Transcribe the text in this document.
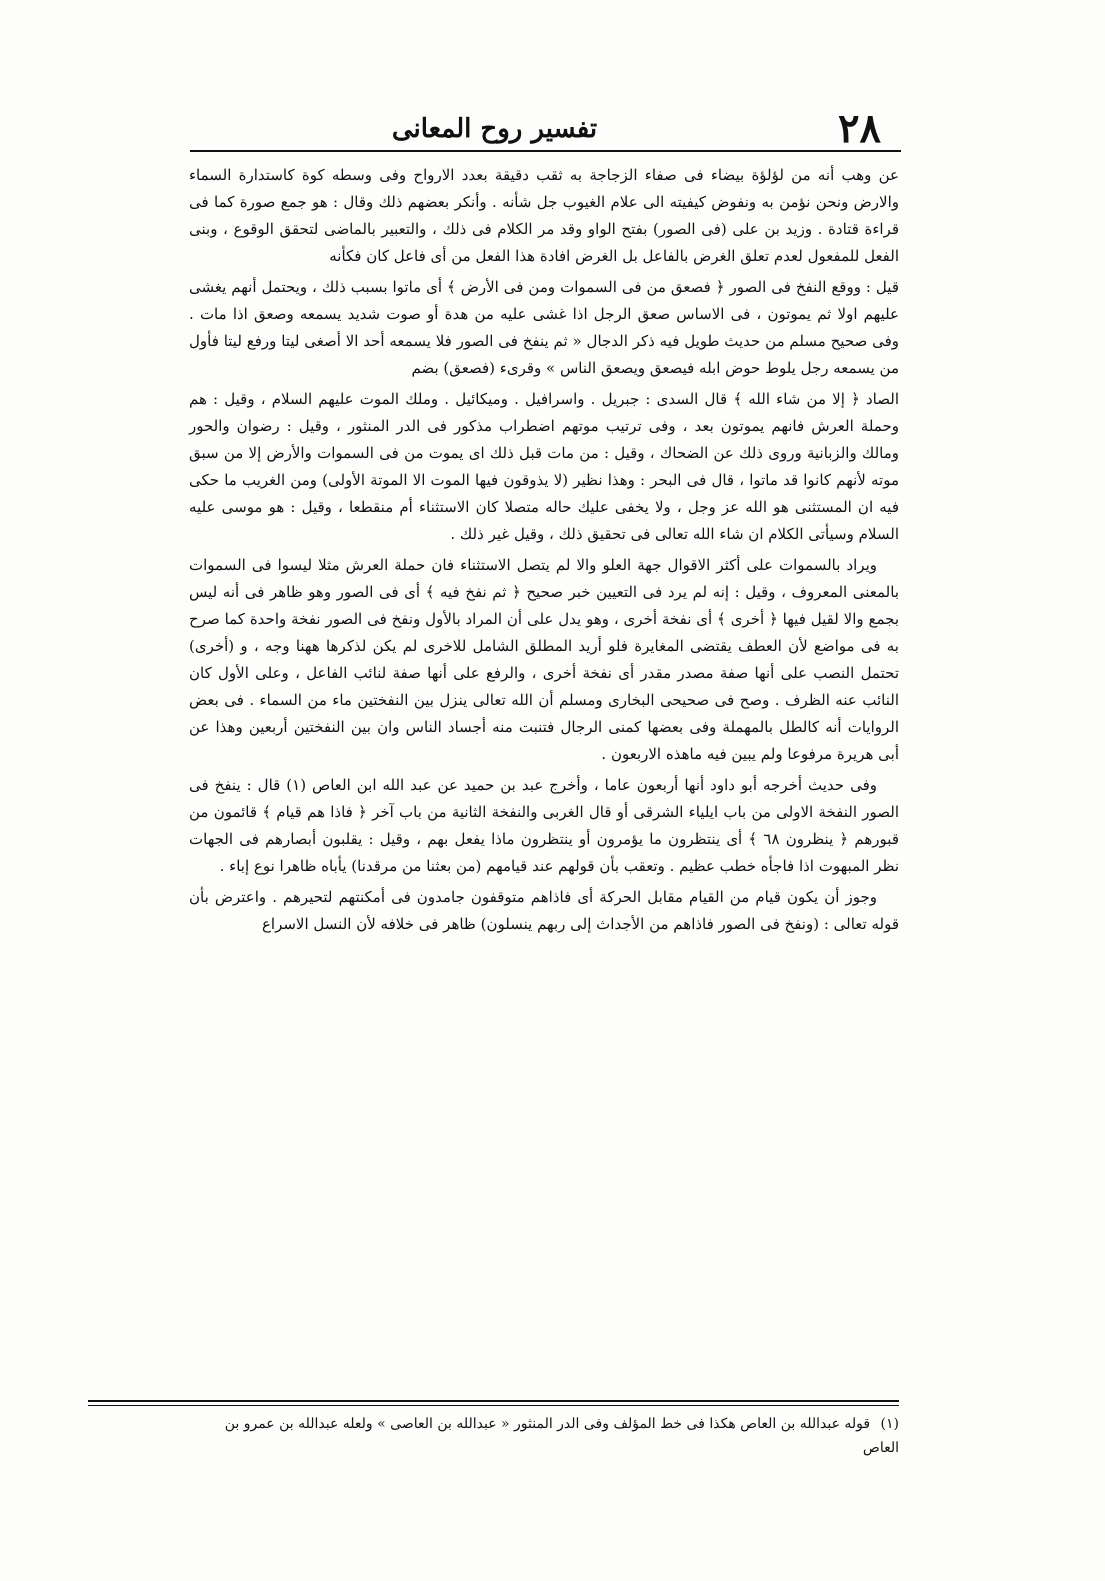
٢٨
تفسير روح المعانى

عن وهب أنه من لؤلؤة بيضاء فى صفاء الزجاجة به ثقب دقيقة بعدد الارواح وفى وسطه كوة كاستدارة السماء والارض ونحن نؤمن به ونفوض كيفيته الى علام الغيوب جل شأنه . وأنكر بعضهم ذلك وقال : هو جمع صورة كما فى قراءة قتادة . وزيد بن على (فى الصور) بفتح الواو وقد مر الكلام فى ذلك ، والتعبير بالماضى لتحقق الوقوع ، وبنى الفعل للمفعول لعدم تعلق الغرض بالفاعل بل الغرض افادة هذا الفعل من أى فاعل كان فكأنه

قيل : ووقع النفخ فى الصور ﴿ فصعق من فى السموات ومن فى الأرض ﴾ أى ماتوا بسبب ذلك ، ويحتمل أنهم يغشى عليهم اولا ثم يموتون ، فى الاساس صعق الرجل اذا غشى عليه من هدة أو صوت شديد يسمعه وصعق اذا مات . وفى صحيح مسلم من حديث طويل فيه ذكر الدجال « ثم ينفخ فى الصور فلا يسمعه أحد الا أصغى ليتا ورفع ليتا فأول من يسمعه رجل يلوط حوض ابله فيصعق ويصعق الناس » وقرىء (فصعق) بضم

الصاد ﴿ إلا من شاء الله ﴾ قال السدى : جبريل . واسرافيل . وميكائيل . وملك الموت عليهم السلام ، وقيل : هم وحملة العرش فانهم يموتون بعد ، وفى ترتيب موتهم اضطراب مذكور فى الدر المنثور ، وقيل : رضوان والحور ومالك والزبانية وروى ذلك عن الضحاك ، وقيل : من مات قبل ذلك اى يموت من فى السموات والأرض إلا من سبق موته لأنهم كانوا قد ماتوا ، قال فى البحر : وهذا نظير (لا يذوقون فيها الموت الا الموتة الأولى) ومن الغريب ما حكى فيه ان المستثنى هو الله عز وجل ، ولا يخفى عليك حاله متصلا كان الاستثناء أم منقطعا ، وقيل : هو موسى عليه السلام وسيأتى الكلام ان شاء الله تعالى فى تحقيق ذلك ، وقيل غير ذلك .

ويراد بالسموات على أكثر الاقوال جهة العلو والا لم يتصل الاستثناء فان حملة العرش مثلا ليسوا فى السموات بالمعنى المعروف ، وقيل : إنه لم يرد فى التعيين خبر صحيح ﴿ ثم نفخ فيه ﴾ أى فى الصور وهو ظاهر فى أنه ليس بجمع والا لقيل فيها ﴿ أخرى ﴾ أى نفخة أخرى ، وهو يدل على أن المراد بالأول ونفخ فى الصور نفخة واحدة كما صرح به فى مواضع لأن العطف يقتضى المغايرة فلو أريد المطلق الشامل للاخرى لم يكن لذكرها ههنا وجه ، و (أخرى) تحتمل النصب على أنها صفة مصدر مقدر أى نفخة أخرى ، والرفع على أنها صفة لنائب الفاعل ، وعلى الأول كان النائب عنه الظرف . وصح فى صحيحى البخارى ومسلم أن الله تعالى ينزل بين النفختين ماء من السماء . فى بعض الروايات أنه كالطل بالمهملة وفى بعضها كمنى الرجال فتنبت منه أجساد الناس وان بين النفختين أربعين وهذا عن أبى هريرة مرفوعا ولم يبين فيه ماهذه الاربعون .

وفى حديث أخرجه أبو داود أنها أربعون عاما ، وأخرج عبد بن حميد عن عبد الله ابن العاص (١) قال : ينفخ فى الصور النفخة الاولى من باب ايلياء الشرقى أو قال الغربى والنفخة الثانية من باب آخر ﴿ فاذا هم قيام ﴾ قائمون من قبورهم ﴿ ينظرون ٦٨ ﴾ أى ينتظرون ما يؤمرون أو ينتظرون ماذا يفعل بهم ، وقيل : يقلبون أبصارهم فى الجهات نظر المبهوت اذا فاجأه خطب عظيم . وتعقب بأن قولهم عند قيامهم (من بعثنا من مرقدنا) يأباه ظاهرا نوع إباء .

وجوز أن يكون قيام من القيام مقابل الحركة أى فاذاهم متوقفون جامدون فى أمكنتهم لتحيرهم . واعترض بأن قوله تعالى : (ونفخ فى الصور فاذاهم من الأجداث إلى ربهم ينسلون) ظاهر فى خلافه لأن النسل الاسراع

(١) قوله عبدالله بن العاص هكذا فى خط المؤلف وفى الدر المنثور « عبدالله بن العاصى » ولعله عبدالله بن عمرو بن العاص
